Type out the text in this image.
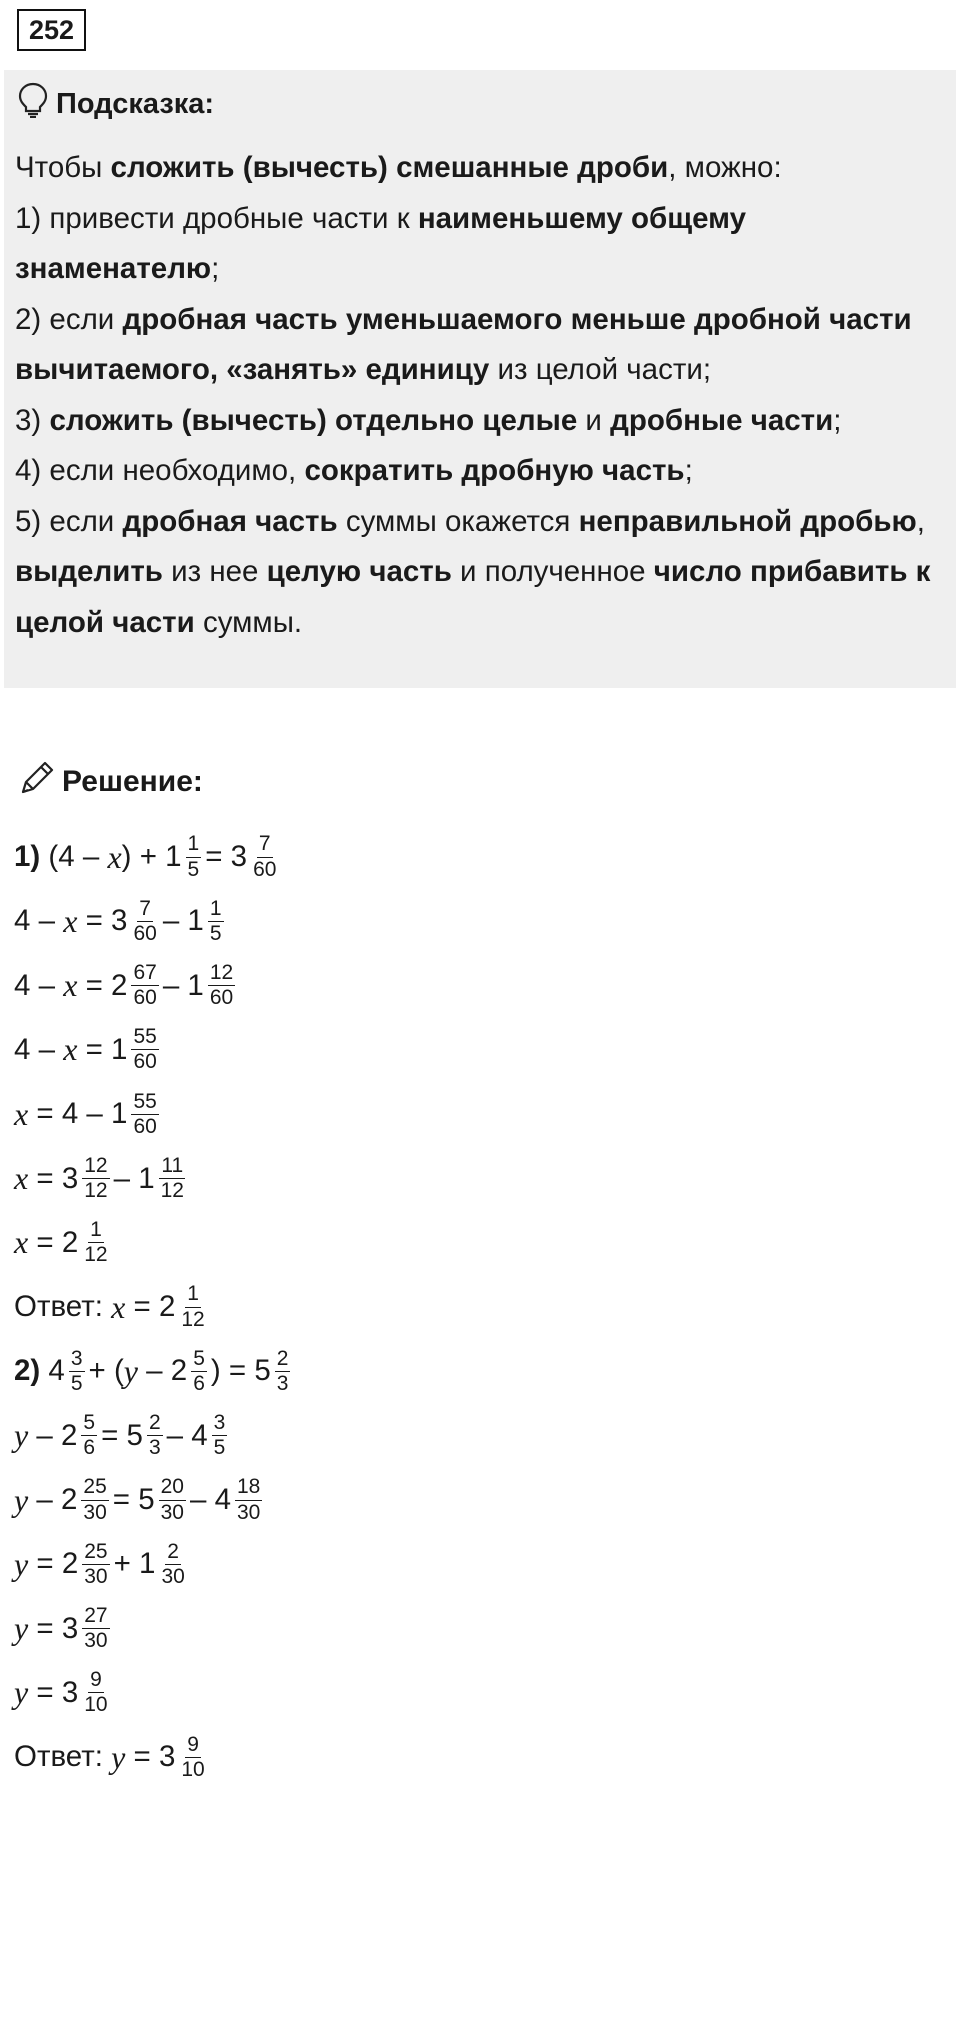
252
Подсказка:

Чтобы сложить (вычесть) смешанные дроби, можно:

1) привести дробные части к наименьшему общему знаменателю;

2) если дробная часть уменьшаемого меньше дробной части вычитаемого, «занять» единицу из целой части;

3) сложить (вычесть) отдельно целые и дробные части;

4) если необходимо, сократить дробную часть;

5) если дробная часть суммы окажется неправильной дробью, выделить из нее целую часть и полученное число прибавить к целой части суммы.

Решение:
1) (4 – x ) + $1 \frac{1}{5} = 3 \frac{7}{60}$
$4 - x = 3 \frac{7}{60} - 1 \frac{1}{5}$
$4 - x = 2 \frac{67}{60} - 1 \frac{12}{60}$
$4 - x = 1 \frac{55}{60}$
$x = 4 - 1 \frac{55}{60}$
$x = 3 \frac{12}{12} - 1 \frac{11}{12}$
$x = 2 \frac{1}{12}$
Ответ: $x = 2 \frac{1}{12}$
2) $4 \frac{3}{5}$ + ( y – $2 \frac{5}{6}$ ) = $5 \frac{2}{3}$
$y - 2 \frac{5}{6} = 5 \frac{2}{3} - 4 \frac{3}{5}$
$y - 2 \frac{25}{30} = 5 \frac{20}{30} - 4 \frac{18}{30}$
$y = 2 \frac{25}{30} + 1 \frac{2}{30}$
$y = 3 \frac{27}{30}$
$y = 3 \frac{9}{10}$
Ответ: $y = 3 \frac{9}{10}$
